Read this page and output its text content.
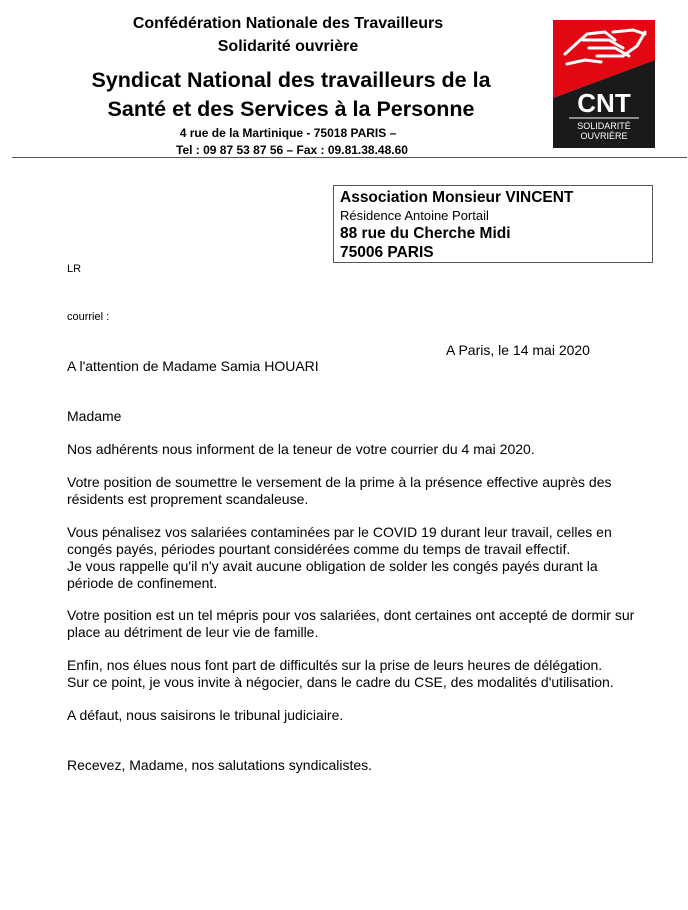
Confédération Nationale des Travailleurs
Solidarité ouvrière
Syndicat National des travailleurs de la
Santé et des Services à la Personne
4 rue de la Martinique - 75018 PARIS –
Tel : 09 87 53 87 56 – Fax : 09.81.38.48.60
CNT
SOLIDARITÉ
OUVRIÈRE
Association Monsieur VINCENT
Résidence Antoine Portail
88 rue du Cherche Midi
75006 PARIS
LR
courriel :
A Paris, le 14 mai 2020
A l'attention de Madame Samia HOUARI
Madame
Nos adhérents nous informent de la teneur de votre courrier du 4 mai 2020.
Votre position de soumettre le versement de la prime à la présence effective auprès des résidents est proprement scandaleuse.
Vous pénalisez vos salariées contaminées par le COVID 19 durant leur travail, celles en congés payés, périodes pourtant considérées comme du temps de travail effectif.
Je vous rappelle qu'il n'y avait aucune obligation de solder les congés payés durant la période de confinement.
Votre position est un tel mépris pour vos salariées, dont certaines ont accepté de dormir sur place au détriment de leur vie de famille.
Enfin, nos élues nous font part de difficultés sur la prise de leurs heures de délégation.
Sur ce point, je vous invite à négocier, dans le cadre du CSE, des modalités d'utilisation.
A défaut, nous saisirons le tribunal judiciaire.
Recevez, Madame, nos salutations syndicalistes.
